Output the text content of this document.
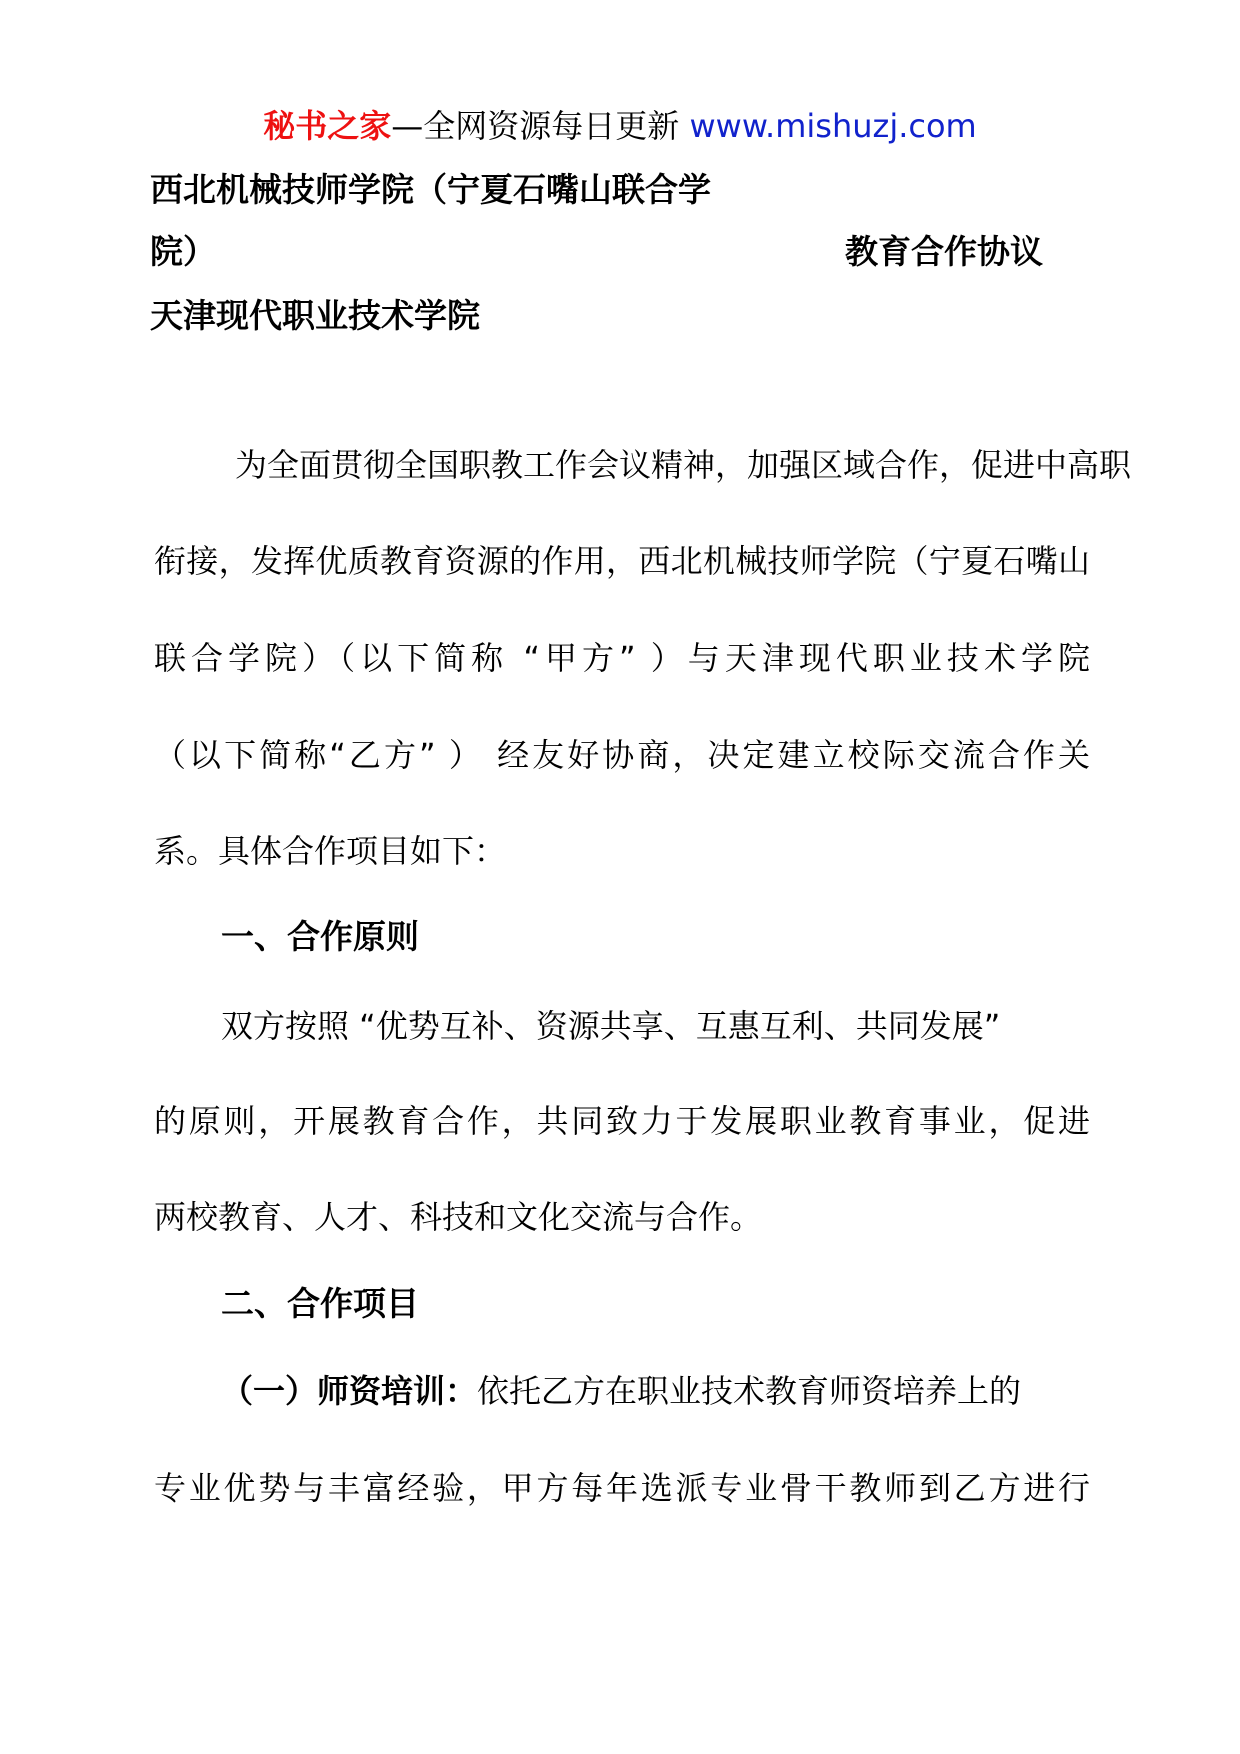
秘书之家—全网资源每日更新 www.mishuzj.com
西北机械技师学院（宁夏石嘴山联合学
院）	教育合作协议
天津现代职业技术学院
为全面贯彻全国职教工作会议精神，加强区域合作，促进中高职
衔接，发挥优质教育资源的作用，西北机械技师学院（宁夏石嘴山
联合学院）（以下简称 “甲方” ）与天津现代职业技术学院
（以下简称“乙方” ） 经友好协商，决定建立校际交流合作关
系。具体合作项目如下：
一、合作原则
双方按照 “优势互补、资源共享、互惠互利、共同发展”
的原则，开展教育合作，共同致力于发展职业教育事业，促进
两校教育、人才、科技和文化交流与合作。
二、合作项目
（一）师资培训：依托乙方在职业技术教育师资培养上的
专业优势与丰富经验，甲方每年选派专业骨干教师到乙方进行
